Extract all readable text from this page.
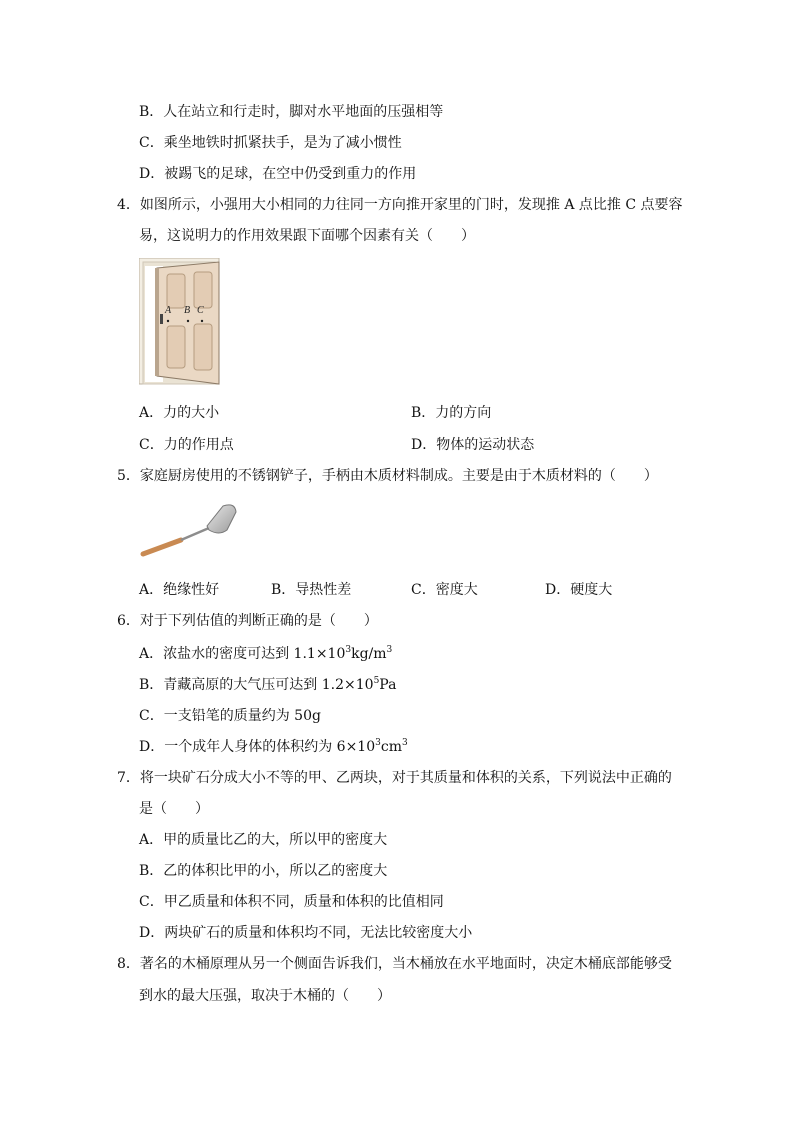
B．人在站立和行走时，脚对水平地面的压强相等
C．乘坐地铁时抓紧扶手，是为了减小惯性
D．被踢飞的足球，在空中仍受到重力的作用
4．如图所示，小强用大小相同的力往同一方向推开家里的门时，发现推 A 点比推 C 点要容
易，这说明力的作用效果跟下面哪个因素有关（　　）
A B C
A．力的大小	B．力的方向
C．力的作用点	D．物体的运动状态
5．家庭厨房使用的不锈钢铲子，手柄由木质材料制成。主要是由于木质材料的（　　）
A．绝缘性好	B．导热性差	C．密度大	D．硬度大
6．对于下列估值的判断正确的是（　　）
A．浓盐水的密度可达到 $1.1\times 10^3kg/m^3$
B．青藏高原的大气压可达到 $1.2\times 10^5Pa$
C．一支铅笔的质量约为 50g
D．一个成年人身体的体积约为 $6\times 10^3cm^3$
7．将一块矿石分成大小不等的甲、乙两块，对于其质量和体积的关系，下列说法中正确的
是（　　）
A．甲的质量比乙的大，所以甲的密度大
B．乙的体积比甲的小，所以乙的密度大
C．甲乙质量和体积不同，质量和体积的比值相同
D．两块矿石的质量和体积均不同，无法比较密度大小
8．著名的木桶原理从另一个侧面告诉我们，当木桶放在水平地面时，决定木桶底部能够受
到水的最大压强，取决于木桶的（　　）
